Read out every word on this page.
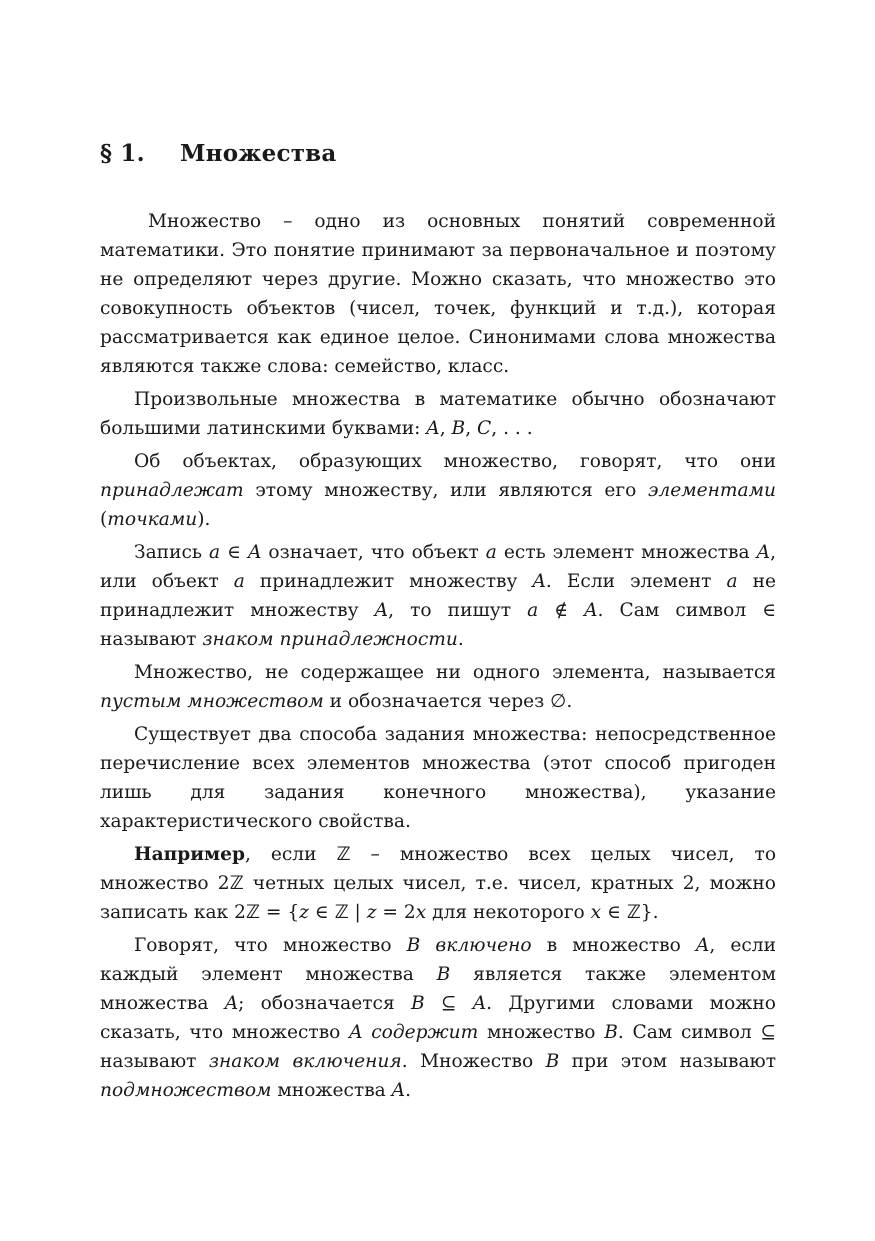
§ 1.	Множества

Множество – одно из основных понятий современной математики. Это понятие принимают за первоначальное и поэтому не определяют через другие. Можно сказать, что множество это совокупность объектов (чисел, точек, функций и т.д.), которая рассматривается как единое целое. Синонимами слова множества являются также слова: семейство, класс.

Произвольные множества в математике обычно обозначают большими латинскими буквами: A, B, C, . . .

Об объектах, образующих множество, говорят, что они принадлежат этому множеству, или являются его элементами (точками).

Запись a ∈ A означает, что объект a есть элемент множества A, или объект a принадлежит множеству A. Если элемент a не принадлежит множеству A, то пишут a ∉ A. Сам символ ∈ называют знаком принадлежности.

Множество, не содержащее ни одного элемента, называется пустым множеством и обозначается через ∅.

Существует два способа задания множества: непосредственное перечисление всех элементов множества (этот способ пригоден лишь для задания конечного множества), указание характеристического свойства.

Например, если ℤ – множество всех целых чисел, то множество 2ℤ четных целых чисел, т.е. чисел, кратных 2, можно записать как 2ℤ = {z ∈ ℤ | z = 2x для некоторого x ∈ ℤ}.

Говорят, что множество B включено в множество A, если каждый элемент множества B является также элементом множества A; обозначается B ⊆ A. Другими словами можно сказать, что множество A содержит множество B. Сам символ ⊆ называют знаком включения. Множество B при этом называют подмножеством множества A.
